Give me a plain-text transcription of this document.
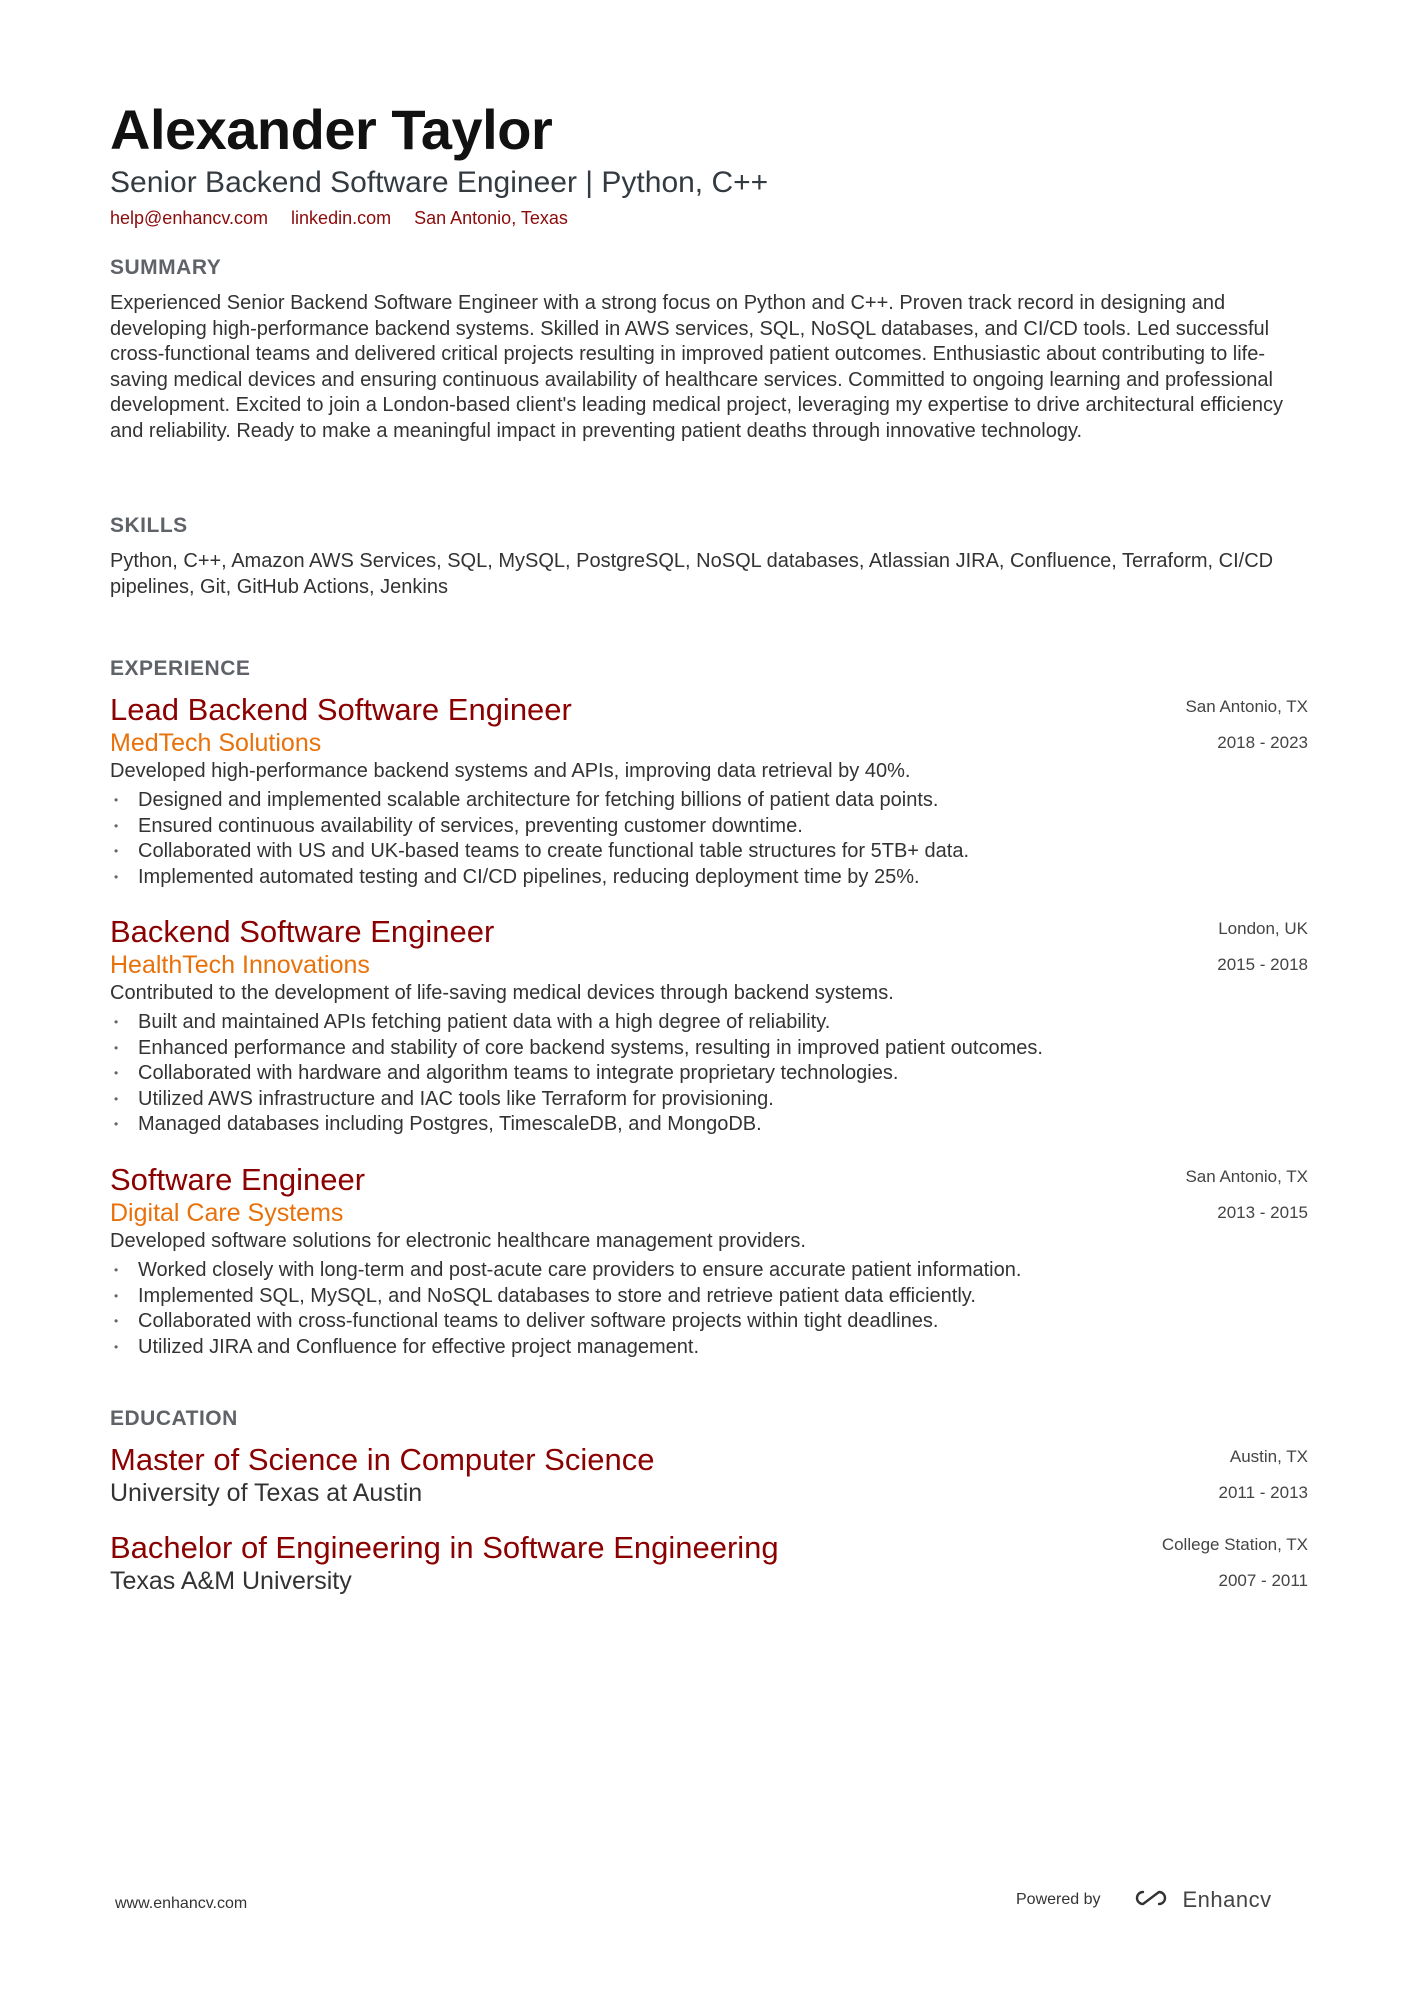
Alexander Taylor
Senior Backend Software Engineer | Python, C++
help@enhancv.com linkedin.com San Antonio, Texas
SUMMARY

Experienced Senior Backend Software Engineer with a strong focus on Python and C++. Proven track record in designing and developing high-performance backend systems. Skilled in AWS services, SQL, NoSQL databases, and CI/CD tools. Led successful cross-functional teams and delivered critical projects resulting in improved patient outcomes. Enthusiastic about contributing to life-saving medical devices and ensuring continuous availability of healthcare services. Committed to ongoing learning and professional development. Excited to join a London-based client's leading medical project, leveraging my expertise to drive architectural efficiency and reliability. Ready to make a meaningful impact in preventing patient deaths through innovative technology.

SKILLS

Python, C++, Amazon AWS Services, SQL, MySQL, PostgreSQL, NoSQL databases, Atlassian JIRA, Confluence, Terraform, CI/CD pipelines, Git, GitHub Actions, Jenkins

EXPERIENCE
Lead Backend Software Engineer
MedTech Solutions
Developed high-performance backend systems and APIs, improving data retrieval by 40%.
• Designed and implemented scalable architecture for fetching billions of patient data points.
• Ensured continuous availability of services, preventing customer downtime.
• Collaborated with US and UK-based teams to create functional table structures for 5TB+ data.
• Implemented automated testing and CI/CD pipelines, reducing deployment time by 25%.
San Antonio, TX
2018 - 2023
Backend Software Engineer
HealthTech Innovations
Contributed to the development of life-saving medical devices through backend systems.
• Built and maintained APIs fetching patient data with a high degree of reliability.
• Enhanced performance and stability of core backend systems, resulting in improved patient outcomes.
• Collaborated with hardware and algorithm teams to integrate proprietary technologies.
• Utilized AWS infrastructure and IAC tools like Terraform for provisioning.
• Managed databases including Postgres, TimescaleDB, and MongoDB.
London, UK
2015 - 2018
Software Engineer
Digital Care Systems
Developed software solutions for electronic healthcare management providers.
• Worked closely with long-term and post-acute care providers to ensure accurate patient information.
• Implemented SQL, MySQL, and NoSQL databases to store and retrieve patient data efficiently.
• Collaborated with cross-functional teams to deliver software projects within tight deadlines.
• Utilized JIRA and Confluence for effective project management.
San Antonio, TX
2013 - 2015
EDUCATION
Master of Science in Computer Science
University of Texas at Austin
Austin, TX
2011 - 2013
Bachelor of Engineering in Software Engineering
Texas A&M University
College Station, TX
2007 - 2011
www.enhancv.com	Powered by	Enhancv
